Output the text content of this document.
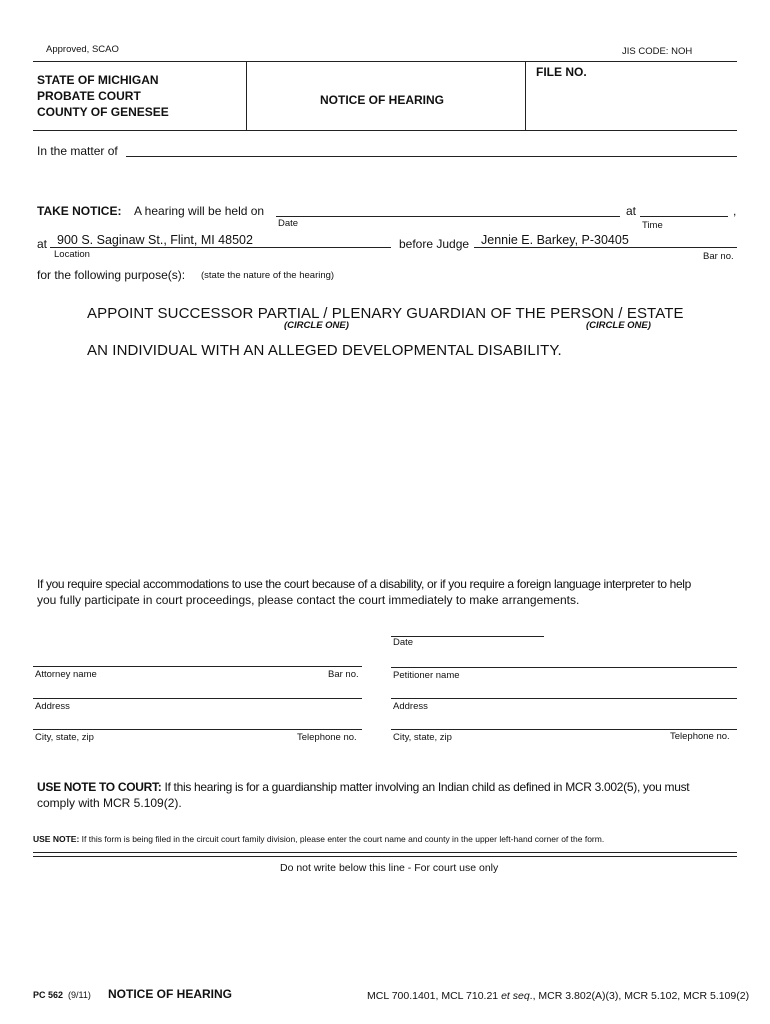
Approved, SCAO	JIS CODE: NOH
STATE OF MICHIGAN
PROBATE COURT
COUNTY OF GENESEE
NOTICE OF HEARING
FILE NO.
In the matter of
TAKE NOTICE: A hearing will be held on
Date
at
Time
,
at 900 S. Saginaw St., Flint, MI 48502
Location
before Judge Jennie E. Barkey, P-30405
Bar no.
for the following purpose(s): (state the nature of the hearing)
APPOINT SUCCESSOR PARTIAL / PLENARY GUARDIAN OF THE PERSON / ESTATE
(CIRCLE ONE)	(CIRCLE ONE)
AN INDIVIDUAL WITH AN ALLEGED DEVELOPMENTAL DISABILITY.
If you require special accommodations to use the court because of a disability, or if you require a foreign language interpreter to help
you fully participate in court proceedings, please contact the court immediately to make arrangements.
Date
Attorney name	Bar no.	Petitioner name
Address	Address
City, state, zip	Telephone no.	City, state, zip	Telephone no.
USE NOTE TO COURT: If this hearing is for a guardianship matter involving an Indian child as defined in MCR 3.002(5), you must
comply with MCR 5.109(2).
USE NOTE: If this form is being filed in the circuit court family division, please enter the court name and county in the upper left-hand corner of the form.
Do not write below this line - For court use only
PC 562 (9/11) NOTICE OF HEARING	MCL 700.1401, MCL 710.21 et seq., MCR 3.802(A)(3), MCR 5.102, MCR 5.109(2)
